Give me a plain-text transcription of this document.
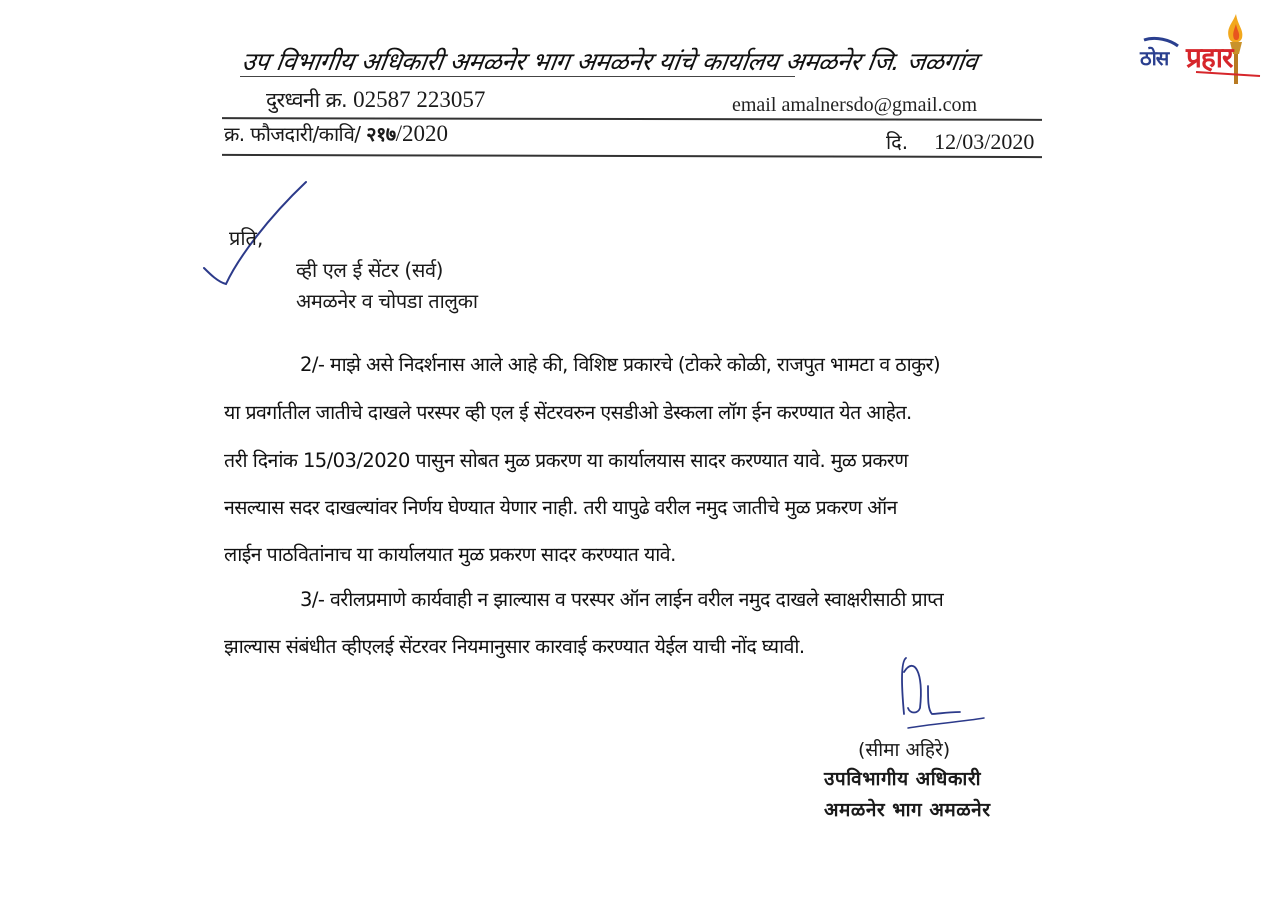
ठोस प्रहार
उप विभागीय अधिकारी अमळनेर भाग अमळनेर यांचे कार्यालय अमळनेर जि. जळगांव
दुरध्वनी क्र. 02587 223057	email amalnersdo@gmail.com
क्र. फौजदारी/कावि/ २१७/2020	दि. 12/03/2020
प्रति,
व्ही एल ई सेंटर (सर्व)
अमळनेर व चोपडा तालुका
2/- माझे असे निदर्शनास आले आहे की, विशिष्ट प्रकारचे (टोकरे कोळी, राजपुत भामटा व ठाकुर)
या प्रवर्गातील जातीचे दाखले परस्पर व्ही एल ई सेंटरवरुन एसडीओ डेस्कला लॉग ईन करण्यात येत आहेत.
तरी दिनांक 15/03/2020 पासुन सोबत मुळ प्रकरण या कार्यालयास सादर करण्यात यावे. मुळ प्रकरण
नसल्यास सदर दाखल्यांवर निर्णय घेण्यात येणार नाही. तरी यापुढे वरील नमुद जातीचे मुळ प्रकरण ऑन
लाईन पाठवितांनाच या कार्यालयात मुळ प्रकरण सादर करण्यात यावे.
3/- वरीलप्रमाणे कार्यवाही न झाल्यास व परस्पर ऑन लाईन वरील नमुद दाखले स्वाक्षरीसाठी प्राप्त
झाल्यास संबंधीत व्हीएलई सेंटरवर नियमानुसार कारवाई करण्यात येईल याची नोंद घ्यावी.
(सीमा अहिरे)
उपविभागीय अधिकारी
अमळनेर भाग अमळनेर
